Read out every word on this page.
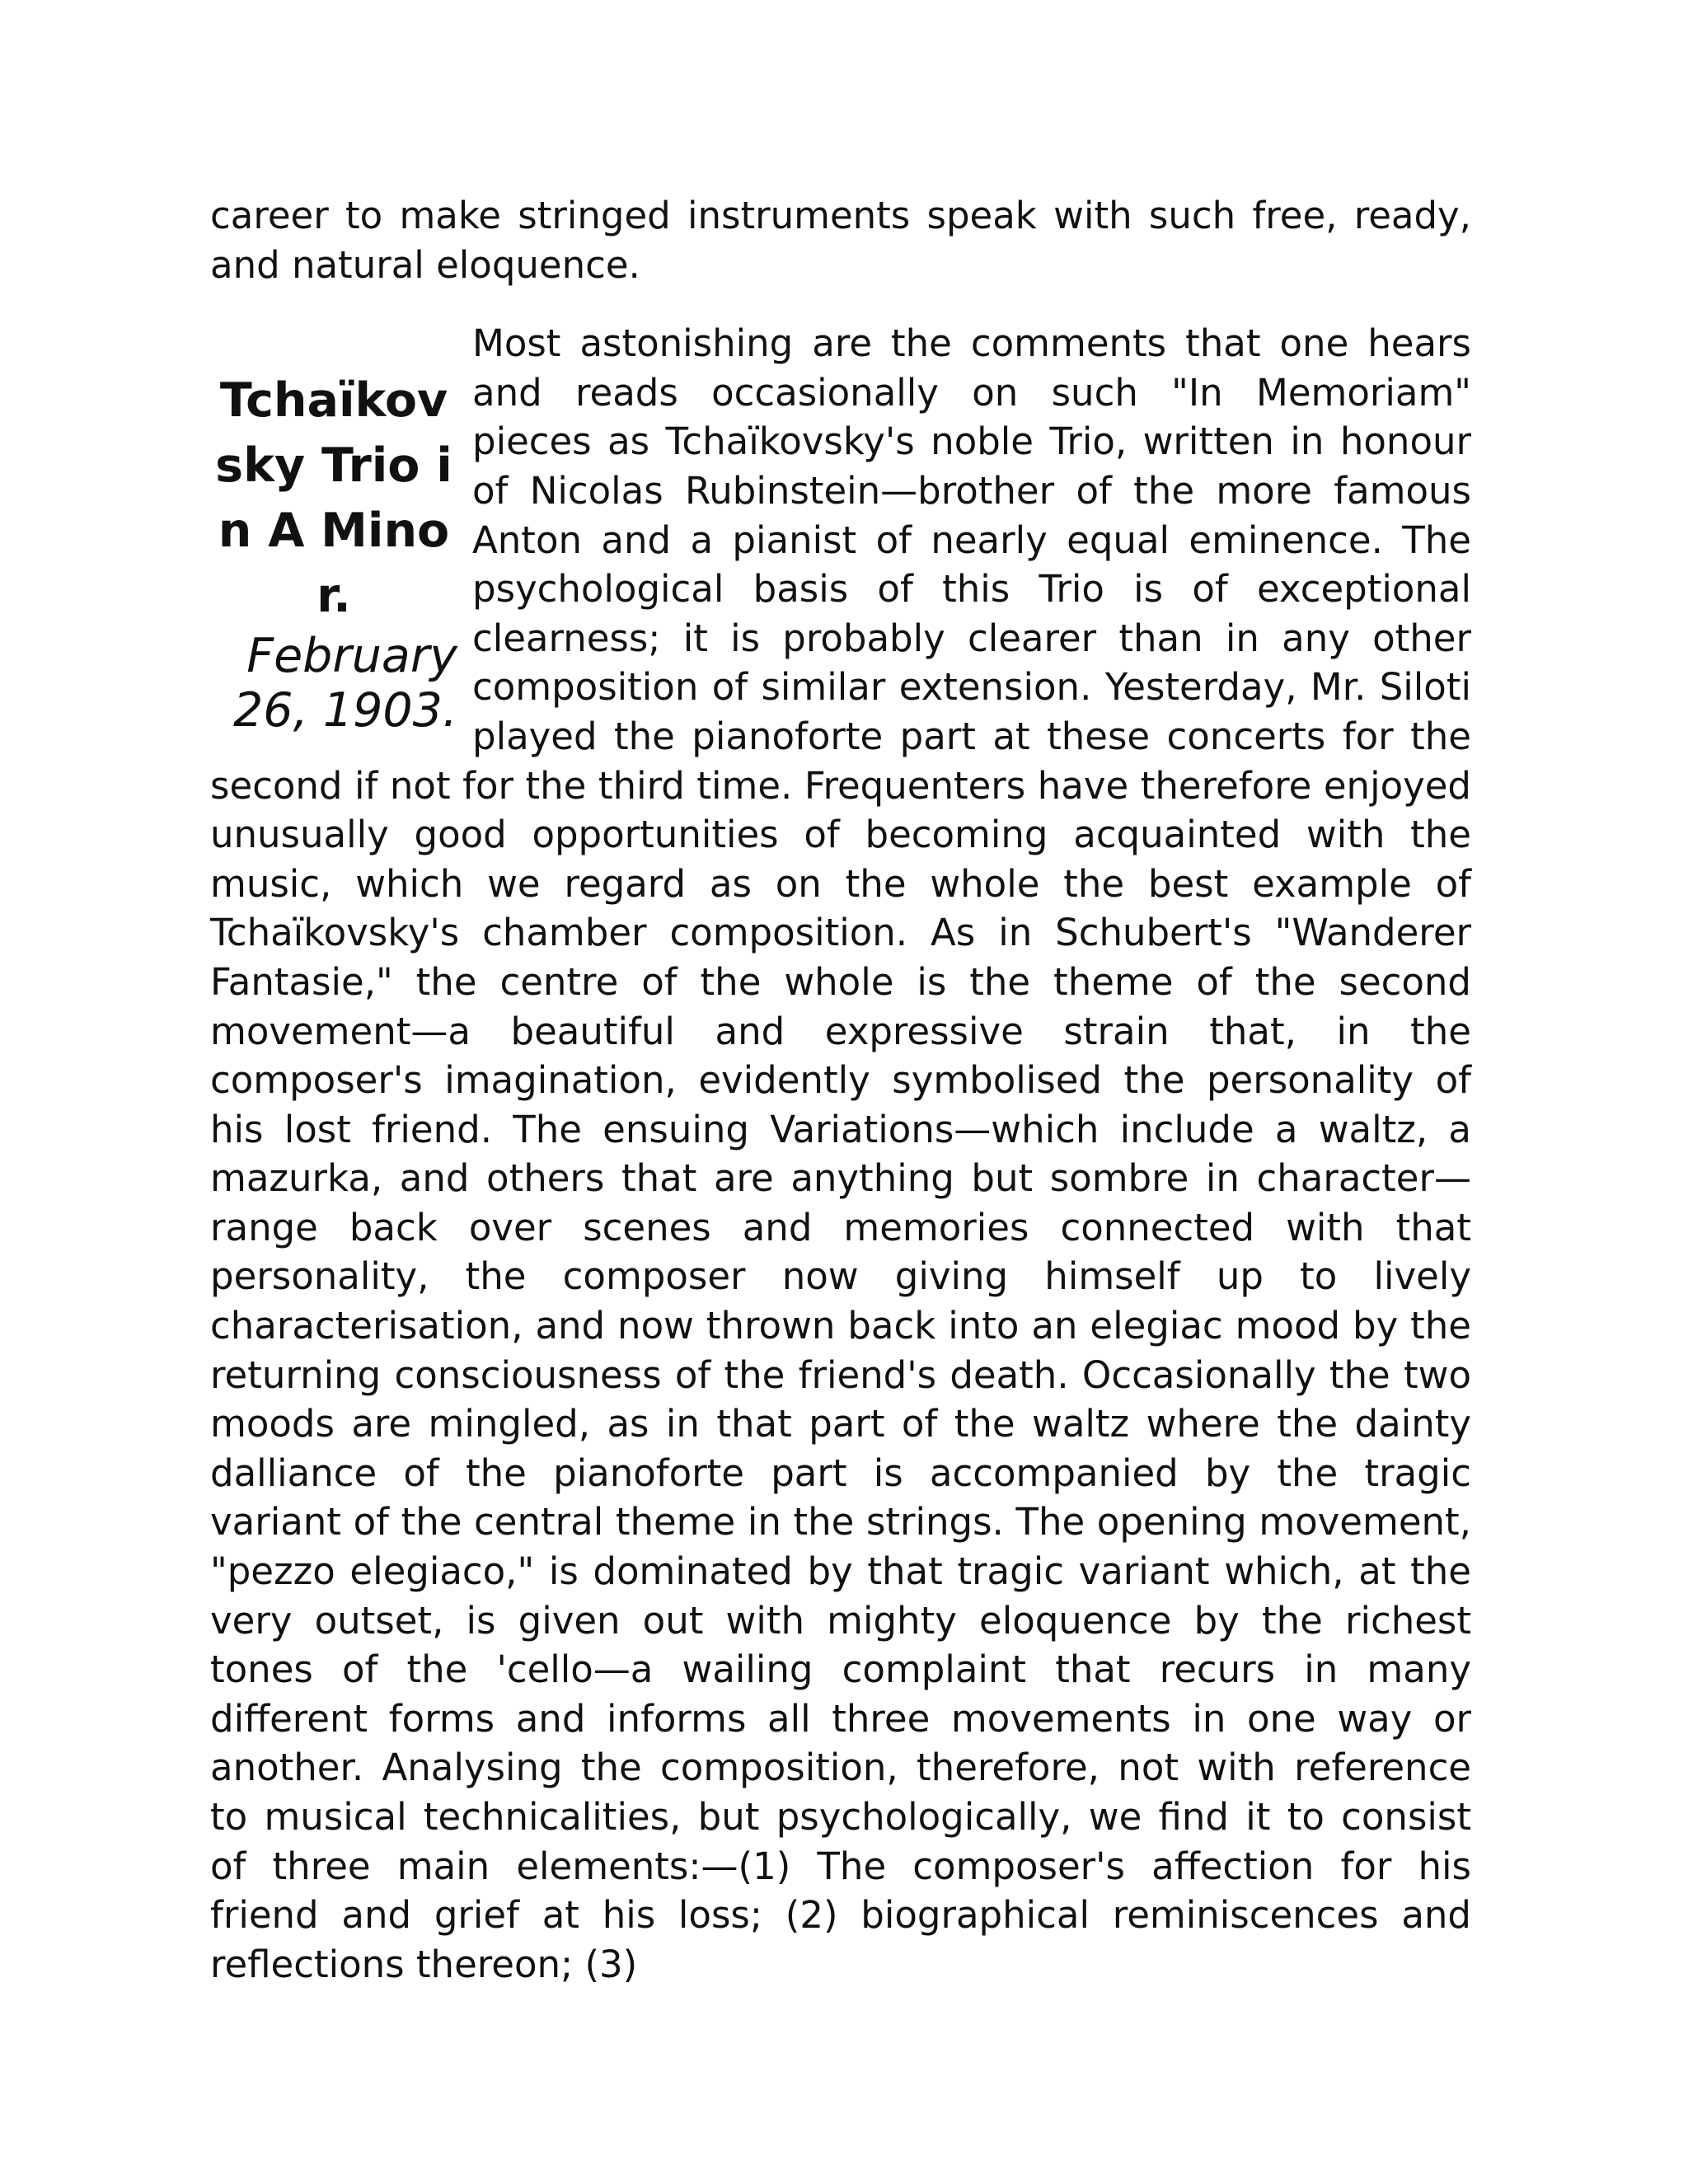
career to make stringed instruments speak with such free, ready, and natural eloquence.

Tchaïkovsky Trio in A Minor.

February 26, 1903.

Most astonishing are the comments that one hears and reads occasionally on such "In Memoriam" pieces as Tchaïkovsky's noble Trio, written in honour of Nicolas Rubinstein—brother of the more famous Anton and a pianist of nearly equal eminence. The psychological basis of this Trio is of exceptional clearness; it is probably clearer than in any other composition of similar extension. Yesterday, Mr. Siloti played the pianoforte part at these concerts for the second if not for the third time. Frequenters have therefore enjoyed unusually good opportunities of becoming acquainted with the music, which we regard as on the whole the best example of Tchaïkovsky's chamber composition. As in Schubert's "Wanderer Fantasie," the centre of the whole is the theme of the second movement—a beautiful and expressive strain that, in the composer's imagination, evidently symbolised the personality of his lost friend. The ensuing Variations—which include a waltz, a mazurka, and others that are anything but sombre in character—range back over scenes and memories connected with that personality, the composer now giving himself up to lively characterisation, and now thrown back into an elegiac mood by the returning consciousness of the friend's death. Occasionally the two moods are mingled, as in that part of the waltz where the dainty dalliance of the pianoforte part is accompanied by the tragic variant of the central theme in the strings. The opening movement, "pezzo elegiaco," is dominated by that tragic variant which, at the very outset, is given out with mighty eloquence by the richest tones of the 'cello—a wailing complaint that recurs in many different forms and informs all three movements in one way or another. Analysing the composition, therefore, not with reference to musical technicalities, but psychologically, we find it to consist of three main elements:—(1) The composer's affection for his friend and grief at his loss; (2) biographical reminiscences and reflections thereon; (3)
